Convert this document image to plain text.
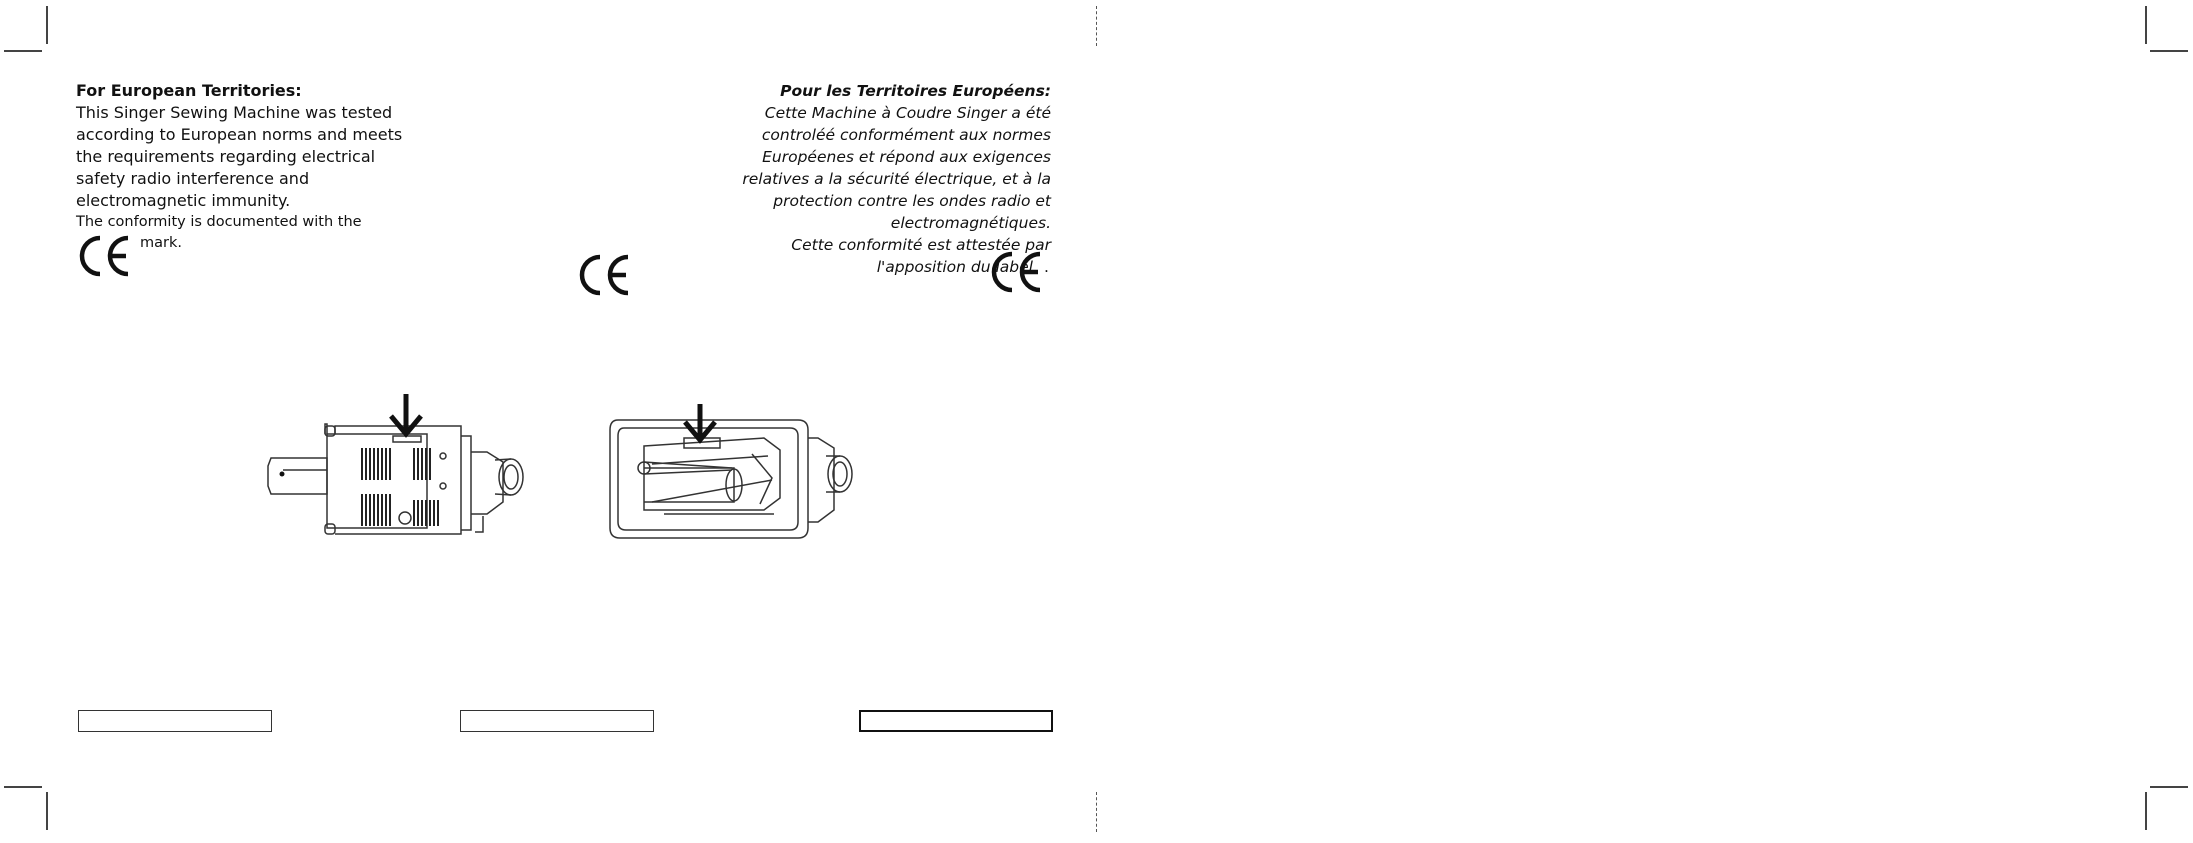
For European Territories:
This Singer Sewing Machine was tested according to European norms and meets the requirements regarding electrical safety radio interference and electromagnetic immunity.
The conformity is documented with the
mark.
Pour les Territoires Européens:
Cette Machine à Coudre Singer a été controléé conformément aux normes Européenes et répond aux exigences relatives a la sécurité électrique, et à la protection contre les ondes radio et electromagnétiques.
Cette conformité est attestée par
l'apposition du label .
